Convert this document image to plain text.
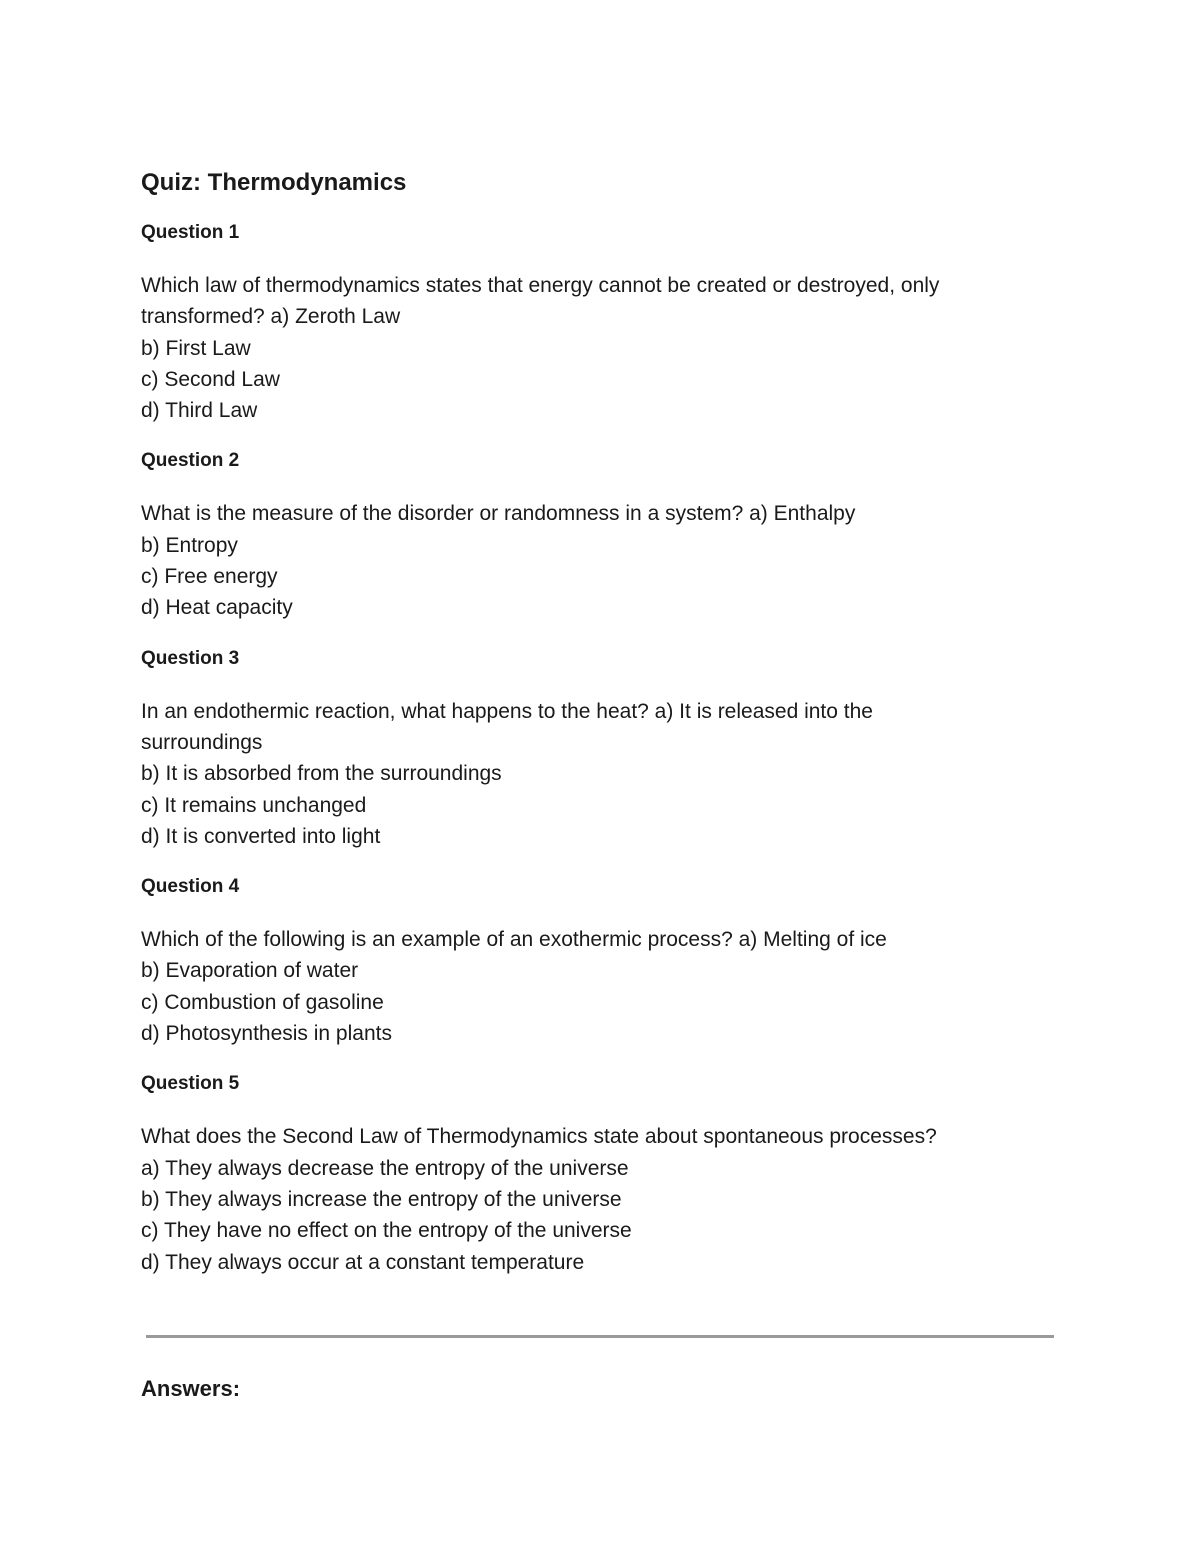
Quiz: Thermodynamics
Question 1
Which law of thermodynamics states that energy cannot be created or destroyed, only
transformed? a) Zeroth Law
b) First Law
c) Second Law
d) Third Law
Question 2
What is the measure of the disorder or randomness in a system? a) Enthalpy
b) Entropy
c) Free energy
d) Heat capacity
Question 3
In an endothermic reaction, what happens to the heat? a) It is released into the
surroundings
b) It is absorbed from the surroundings
c) It remains unchanged
d) It is converted into light
Question 4
Which of the following is an example of an exothermic process? a) Melting of ice
b) Evaporation of water
c) Combustion of gasoline
d) Photosynthesis in plants
Question 5
What does the Second Law of Thermodynamics state about spontaneous processes?
a) They always decrease the entropy of the universe
b) They always increase the entropy of the universe
c) They have no effect on the entropy of the universe
d) They always occur at a constant temperature
Answers:
